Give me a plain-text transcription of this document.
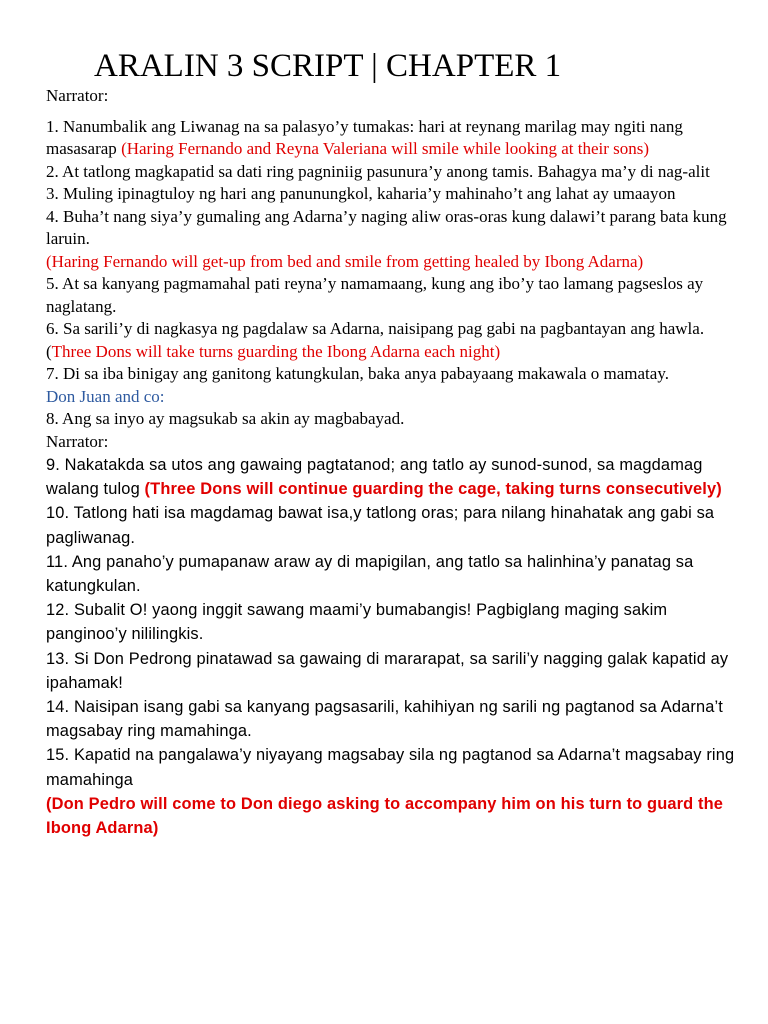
ARALIN 3 SCRIPT | CHAPTER 1

Narrator:

1. Nanumbalik ang Liwanag na sa palasyo’y tumakas: hari at reynang marilag may ngiti nang masasarap (Haring Fernando and Reyna Valeriana will smile while looking at their sons)

2. At tatlong magkapatid sa dati ring pagniniig pasunura’y anong tamis. Bahagya ma’y di nag-alit

3. Muling ipinagtuloy ng hari ang panunungkol, kaharia’y mahinaho’t ang lahat ay umaayon

4. Buha’t nang siya’y gumaling ang Adarna’y naging aliw oras-oras kung dalawi’t parang bata kung laruin.

(Haring Fernando will get-up from bed and smile from getting healed by Ibong Adarna)

5. At sa kanyang pagmamahal pati reyna’y namamaang, kung ang ibo’y tao lamang pagseslos ay naglatang.

6. Sa sarili’y di nagkasya ng pagdalaw sa Adarna, naisipang pag gabi na pagbantayan ang hawla.

(Three Dons will take turns guarding the Ibong Adarna each night)

7. Di sa iba binigay ang ganitong katungkulan, baka anya pabayaang makawala o mamatay.

Don Juan and co:

8. Ang sa inyo ay magsukab sa akin ay magbabayad.

Narrator:

9. Nakatakda sa utos ang gawaing pagtatanod; ang tatlo ay sunod-sunod, sa magdamag walang tulog (Three Dons will continue guarding the cage, taking turns consecutively)

10. Tatlong hati isa magdamag bawat isa,y tatlong oras; para nilang hinahatak ang gabi sa pagliwanag.

11. Ang panaho’y pumapanaw araw ay di mapigilan, ang tatlo sa halinhina’y panatag sa katungkulan.

12. Subalit O! yaong inggit sawang maami’y bumabangis! Pagbiglang maging sakim panginoo’y nililingkis.

13. Si Don Pedrong pinatawad sa gawaing di mararapat, sa sarili’y nagging galak kapatid ay ipahamak!

14. Naisipan isang gabi sa kanyang pagsasarili, kahihiyan ng sarili ng pagtanod sa Adarna’t magsabay ring mamahinga.

15. Kapatid na pangalawa’y niyayang magsabay sila ng pagtanod sa Adarna’t magsabay ring mamahinga

(Don Pedro will come to Don diego asking to accompany him on his turn to guard the Ibong Adarna)
